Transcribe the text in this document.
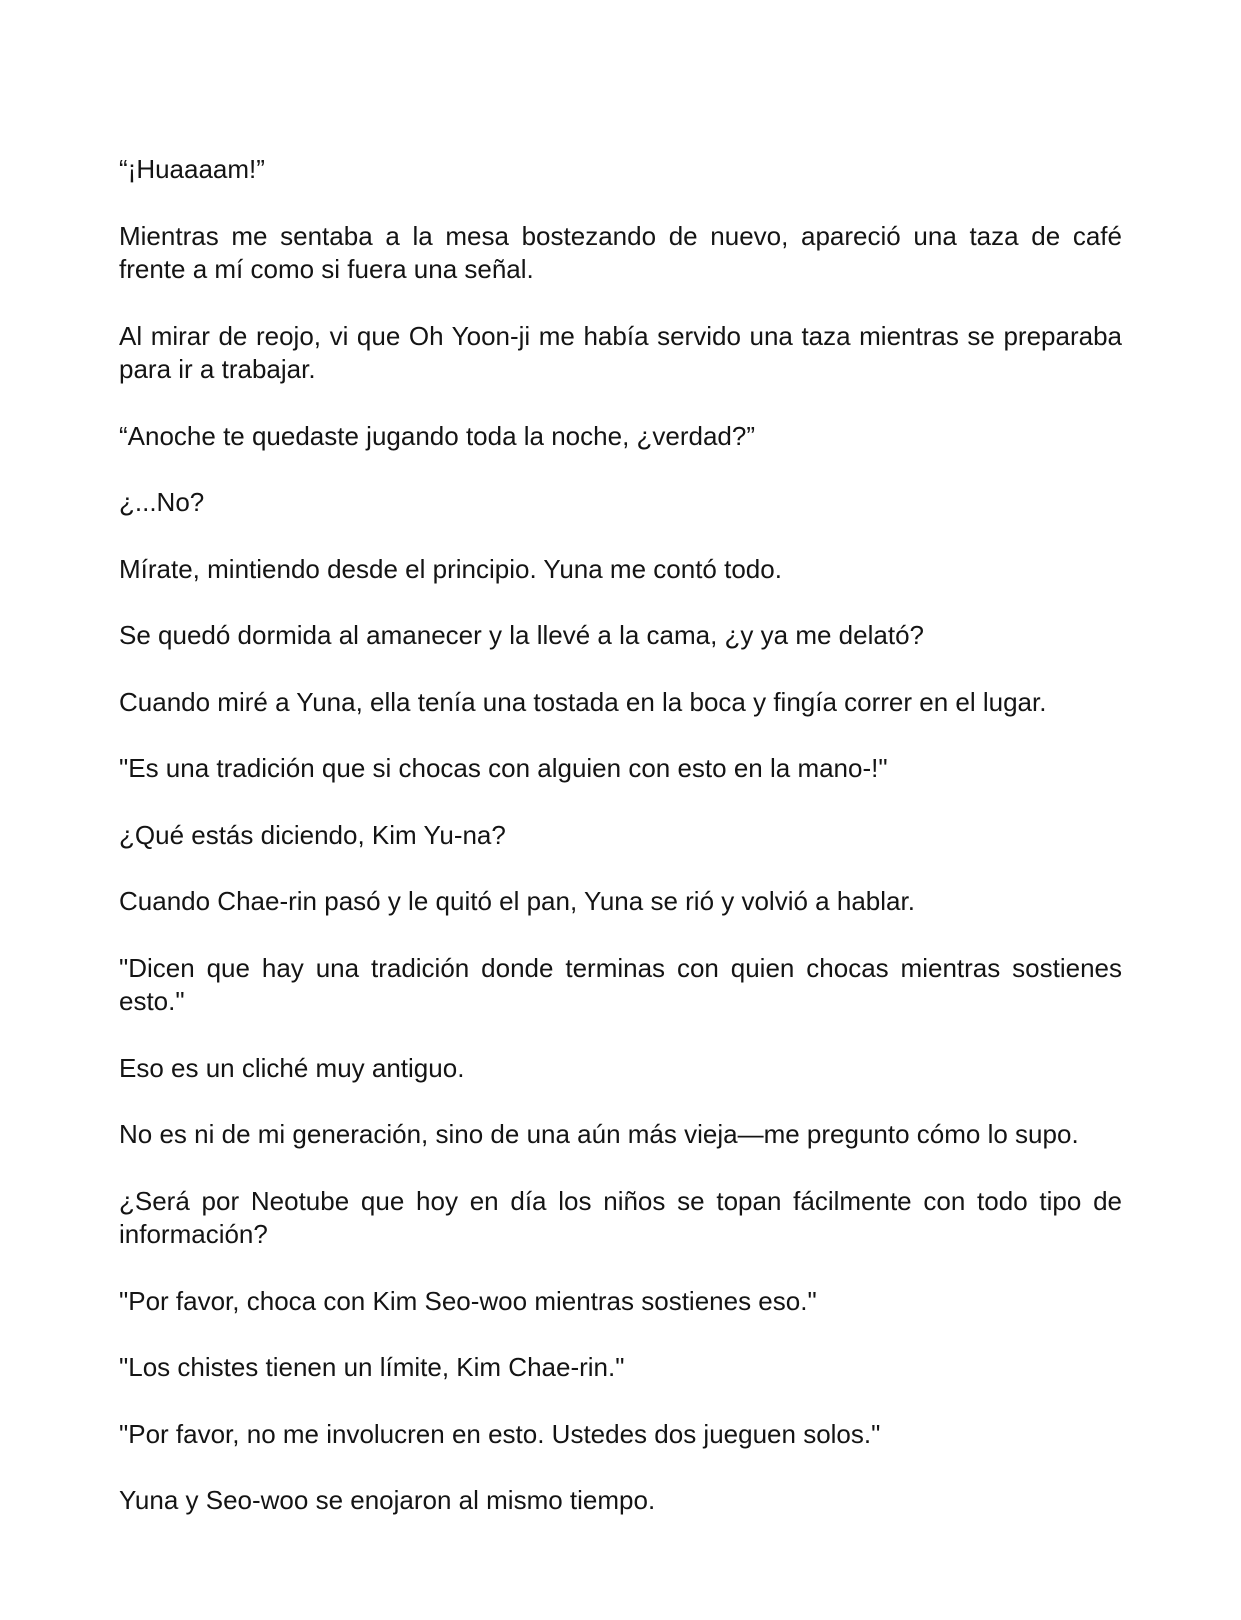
“¡Huaaaam!”

Mientras me sentaba a la mesa bostezando de nuevo, apareció una taza de café frente a mí como si fuera una señal.

Al mirar de reojo, vi que Oh Yoon-ji me había servido una taza mientras se preparaba para ir a trabajar.

“Anoche te quedaste jugando toda la noche, ¿verdad?”

¿...No?

Mírate, mintiendo desde el principio. Yuna me contó todo.

Se quedó dormida al amanecer y la llevé a la cama, ¿y ya me delató?

Cuando miré a Yuna, ella tenía una tostada en la boca y fingía correr en el lugar.

"Es una tradición que si chocas con alguien con esto en la mano-!"

¿Qué estás diciendo, Kim Yu-na?

Cuando Chae-rin pasó y le quitó el pan, Yuna se rió y volvió a hablar.

"Dicen que hay una tradición donde terminas con quien chocas mientras sostienes esto."

Eso es un cliché muy antiguo.

No es ni de mi generación, sino de una aún más vieja—me pregunto cómo lo supo.

¿Será por Neotube que hoy en día los niños se topan fácilmente con todo tipo de información?

"Por favor, choca con Kim Seo-woo mientras sostienes eso."

"Los chistes tienen un límite, Kim Chae-rin."

"Por favor, no me involucren en esto. Ustedes dos jueguen solos."

Yuna y Seo-woo se enojaron al mismo tiempo.
